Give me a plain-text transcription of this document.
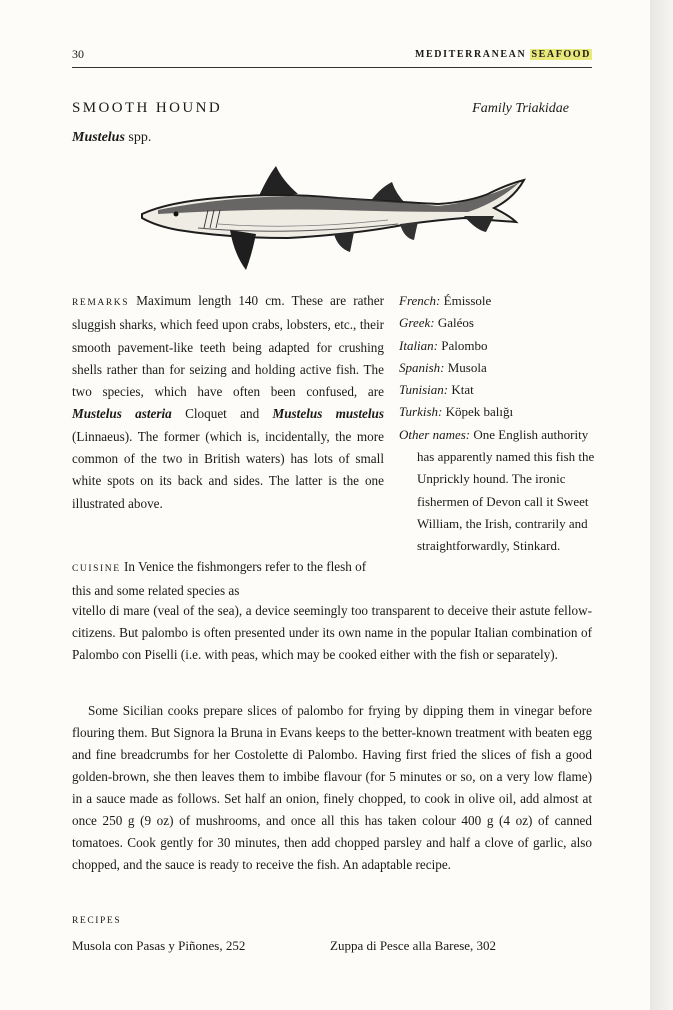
30	MEDITERRANEAN SEAFOOD
SMOOTH HOUND	Family Triakidae
Mustelus spp.
REMARKS Maximum length 140 cm. These are rather sluggish sharks, which feed upon crabs, lobsters, etc., their smooth pavement-like teeth being adapted for crushing shells rather than for seizing and holding active fish. The two species, which have often been confused, are Mustelus asteria Cloquet and Mustelus mustelus (Linnaeus). The former (which is, incidentally, the more common of the two in British waters) has lots of small white spots on its back and sides. The latter is the one illustrated above.
French: Émissole
Greek: Galéos
Italian: Palombo
Spanish: Musola
Tunisian: Ktat
Turkish: Köpek balığı
Other names: One English authority has apparently named this fish the Unprickly hound. The ironic fishermen of Devon call it Sweet William, the Irish, contrarily and straightforwardly, Stinkard.
CUISINE In Venice the fishmongers refer to the flesh of this and some related species as
vitello di mare (veal of the sea), a device seemingly too transparent to deceive their astute fellow-citizens. But palombo is often presented under its own name in the popular Italian combination of Palombo con Piselli (i.e. with peas, which may be cooked either with the fish or separately).
Some Sicilian cooks prepare slices of palombo for frying by dipping them in vinegar before flouring them. But Signora la Bruna in Evans keeps to the better-known treatment with beaten egg and fine breadcrumbs for her Costolette di Palombo. Having first fried the slices of fish a good golden-brown, she then leaves them to imbibe flavour (for 5 minutes or so, on a very low flame) in a sauce made as follows. Set half an onion, finely chopped, to cook in olive oil, add almost at once 250 g (9 oz) of mushrooms, and once all this has taken colour 400 g (4 oz) of canned tomatoes. Cook gently for 30 minutes, then add chopped parsley and half a clove of garlic, also chopped, and the sauce is ready to receive the fish. An adaptable recipe.
RECIPES
Musola con Pasas y Piñones, 252	Zuppa di Pesce alla Barese, 302
